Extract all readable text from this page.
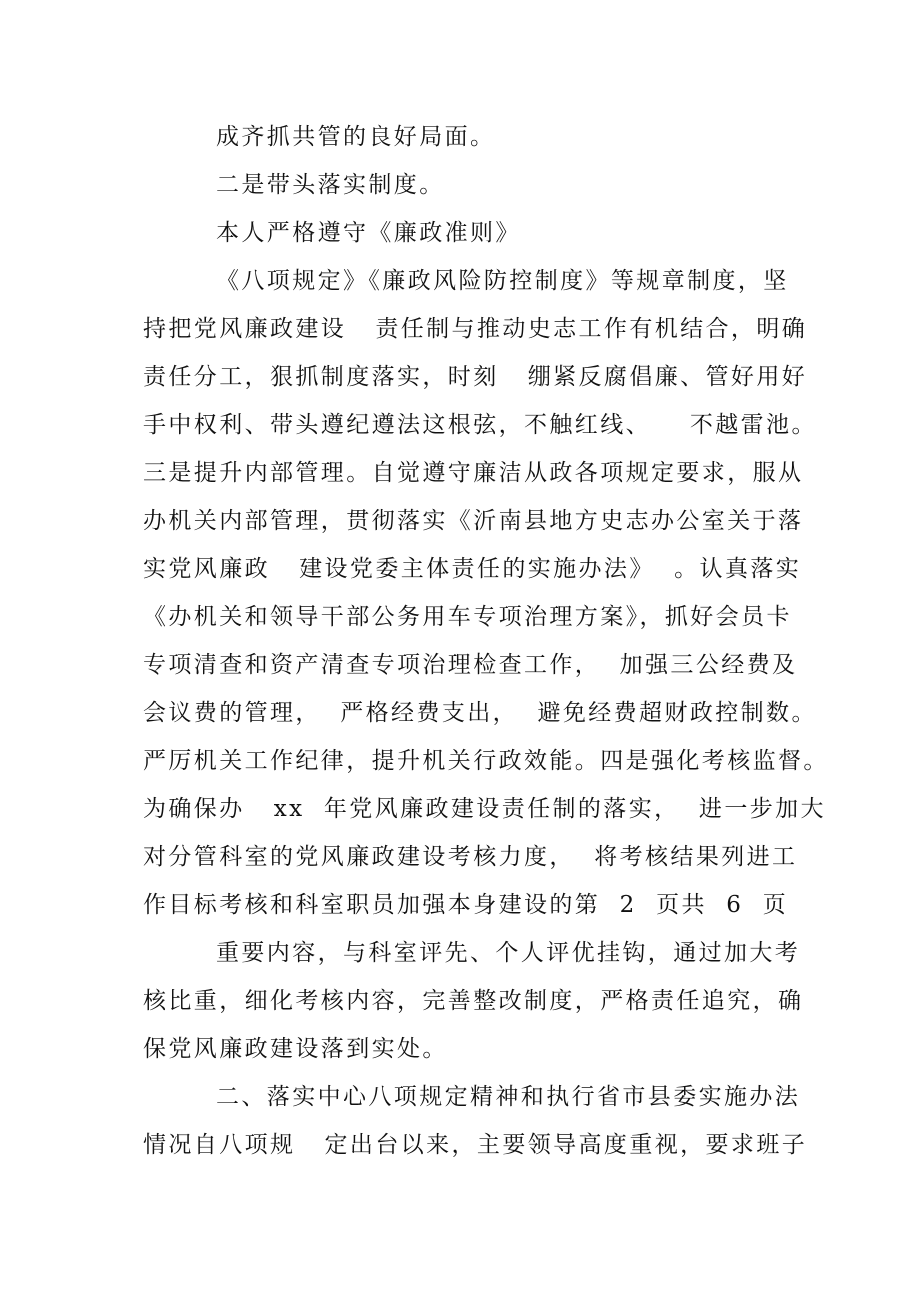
成齐抓共管的良好局面。
二是带头落实制度。
本人严格遵守《廉政准则》
《八项规定》《廉政风险防控制度》等规章制度，坚
持把党风廉政建设   责任制与推动史志工作有机结合，明确
责任分工，狠抓制度落实，时刻   绷紧反腐倡廉、管好用好
手中权利、带头遵纪遵法这根弦，不触红线、    不越雷池。
三是提升内部管理。自觉遵守廉洁从政各项规定要求，服从
办机关内部管理，贯彻落实《沂南县地方史志办公室关于落
实党风廉政   建设党委主体责任的实施办法》  。认真落实
《办机关和领导干部公务用车专项治理方案》，抓好会员卡
专项清查和资产清查专项治理检查工作，  加强三公经费及
会议费的管理，  严格经费支出，  避免经费超财政控制数。
严厉机关工作纪律，提升机关行政效能。四是强化考核监督。
为确保办   xx  年党风廉政建设责任制的落实，  进一步加大
对分管科室的党风廉政建设考核力度，  将考核结果列进工
作目标考核和科室职员加强本身建设的第  2  页共  6  页
重要内容，与科室评先、个人评优挂钩，通过加大考
核比重，细化考核内容，完善整改制度，严格责任追究，确
保党风廉政建设落到实处。
二、落实中心八项规定精神和执行省市县委实施办法
情况自八项规   定出台以来，主要领导高度重视，要求班子
